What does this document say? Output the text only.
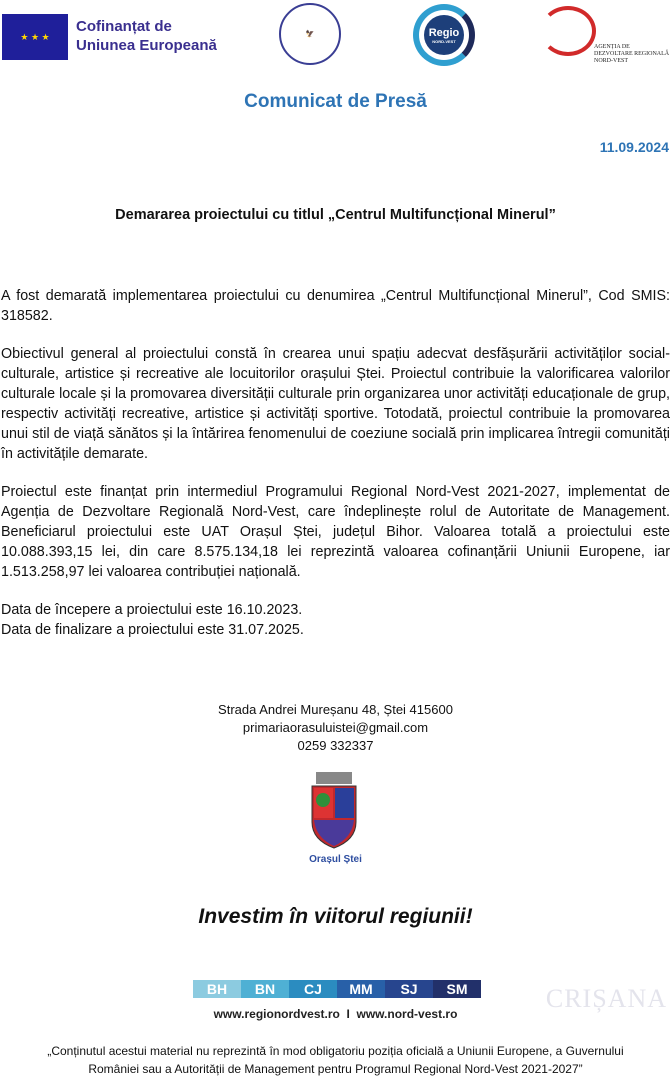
★ ★ ★
Cofinanțat de
Uniunea Europeană
🦅	Regio
NORD-VEST
AGENȚIA DE
DEZVOLTARE REGIONALĂ
NORD-VEST
Comunicat de Presă
11.09.2024
Demararea proiectului cu titlul „Centrul Multifuncțional Minerul”

A fost demarată implementarea proiectului cu denumirea „Centrul Multifuncțional Minerul”, Cod SMIS: 318582.

Obiectivul general al proiectului constă în crearea unui spațiu adecvat desfășurării activităților social-culturale, artistice și recreative ale locuitorilor orașului Ștei. Proiectul contribuie la valorificarea valorilor culturale locale și la promovarea diversității culturale prin organizarea unor activități educaționale de grup, respectiv activități recreative, artistice și activități sportive. Totodată, proiectul contribuie la promovarea unui stil de viață sănătos și la întărirea fenomenului de coeziune socială prin implicarea întregii comunități în activitățile demarate.

Proiectul este finanțat prin intermediul Programului Regional Nord-Vest 2021-2027, implementat de Agenția de Dezvoltare Regională Nord-Vest, care îndeplinește rolul de Autoritate de Management. Beneficiarul proiectului este UAT Orașul Ștei, județul Bihor. Valoarea totală a proiectului este 10.088.393,15 lei, din care 8.575.134,18 lei reprezintă valoarea cofinanțării Uniunii Europene, iar 1.513.258,97 lei valoarea contribuției națională.

Data de începere a proiectului este 16.10.2023.

Data de finalizare a proiectului este 31.07.2025.

Strada Andrei Mureșanu 48, Ștei 415600
primariaorasuluistei@gmail.com
0259 332337
Orașul Ștei
Investim în viitorul regiunii!
BH	BN	CJ	MM	SJ	SM
www.regionordvest.ro  I  www.nord-vest.ro
CRIȘANA
„Conținutul acestui material nu reprezintă în mod obligatoriu poziția oficială a Uniunii Europene, a Guvernului
României sau a Autorității de Management pentru Programul Regional Nord-Vest 2021-2027”
